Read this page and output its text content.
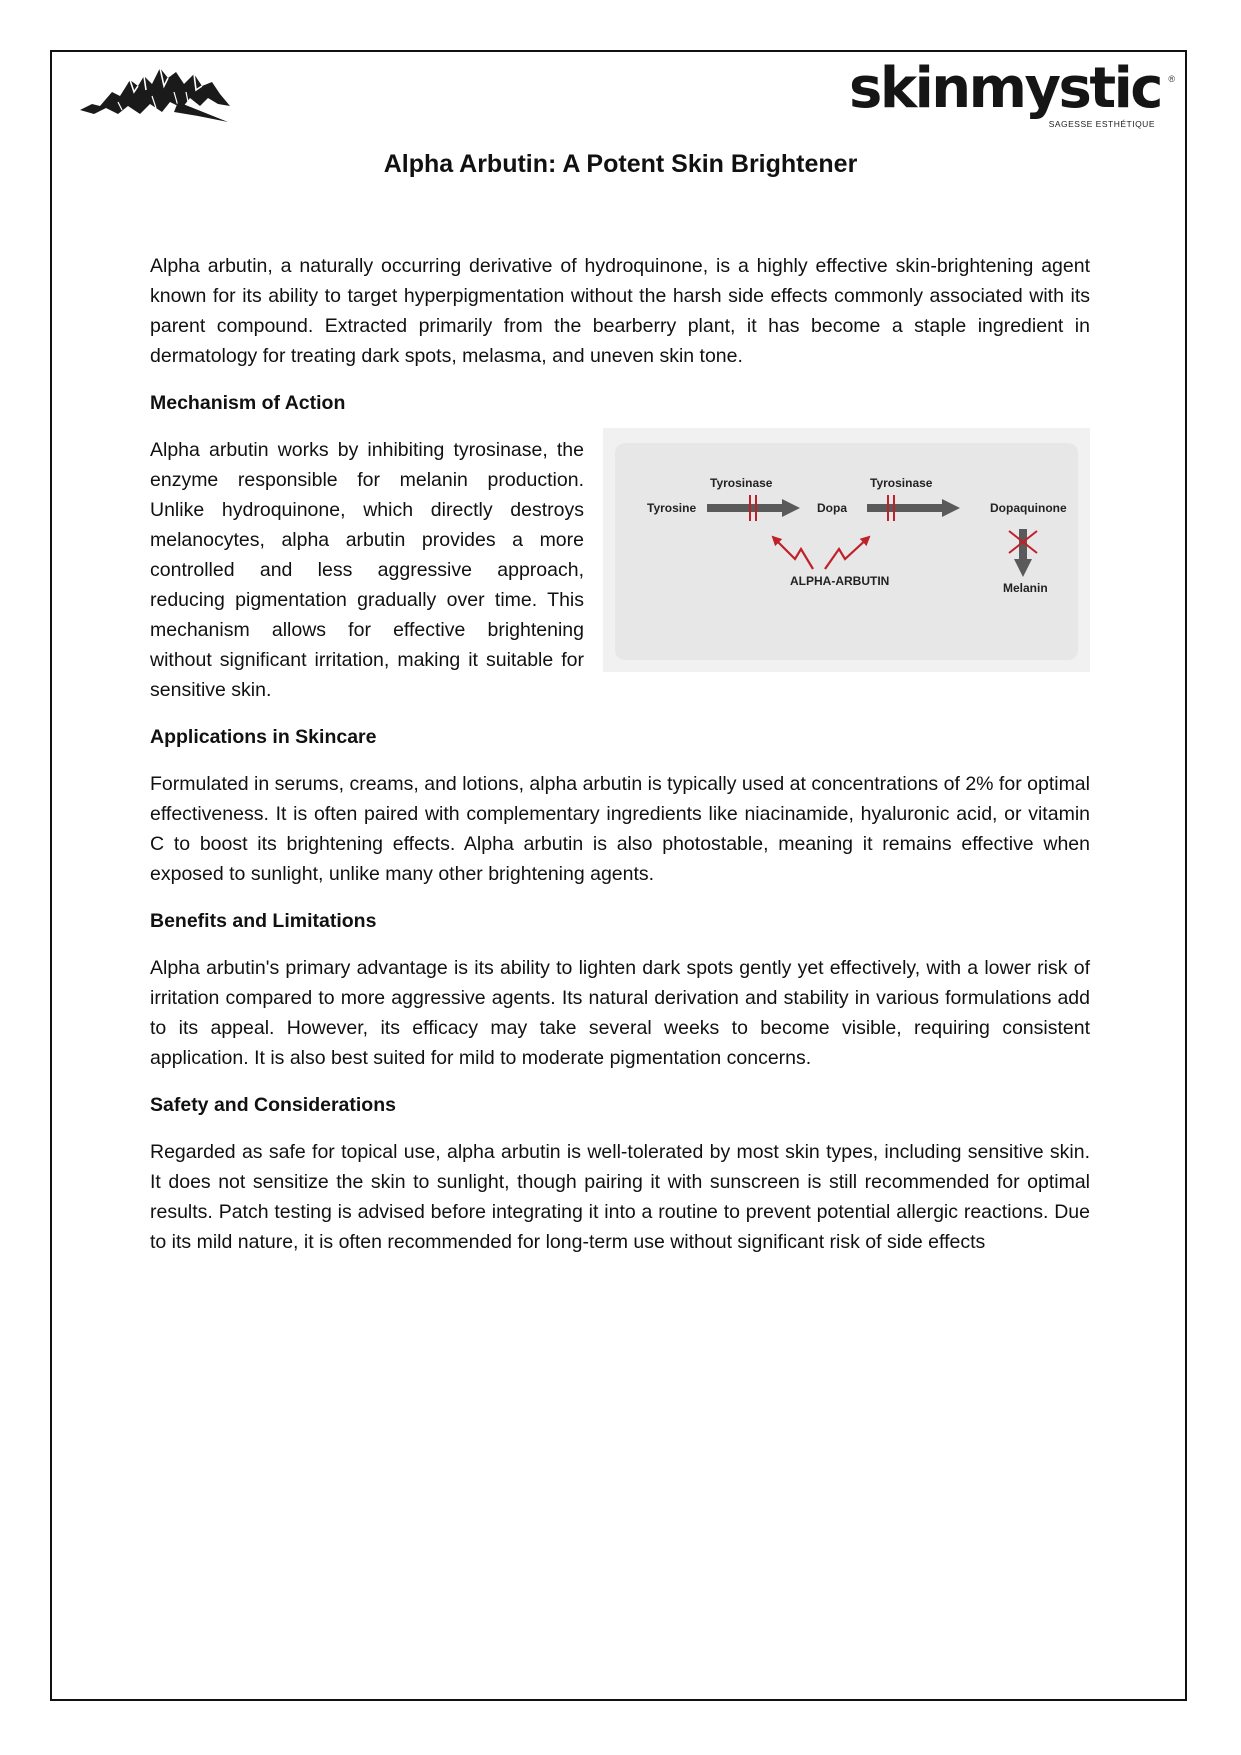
skinmystic ®
SAGESSE ESTHÉTIQUE
Alpha Arbutin: A Potent Skin Brightener

Alpha arbutin, a naturally occurring derivative of hydroquinone, is a highly effective skin-brightening agent known for its ability to target hyperpigmentation without the harsh side effects commonly associated with its parent compound. Extracted primarily from the bearberry plant, it has become a staple ingredient in dermatology for treating dark spots, melasma, and uneven skin tone.

Mechanism of Action

Alpha arbutin works by inhibiting tyrosinase, the enzyme responsible for melanin production. Unlike hydroquinone, which directly destroys melanocytes, alpha arbutin provides a more controlled and less aggressive approach, reducing pigmentation gradually over time. This mechanism allows for effective brightening without significant irritation, making it suitable for sensitive skin.

Tyrosine
Tyrosinase
Dopa
Tyrosinase
Dopaquinone
Melanin
ALPHA-ARBUTIN
Applications in Skincare

Formulated in serums, creams, and lotions, alpha arbutin is typically used at concentrations of 2% for optimal effectiveness. It is often paired with complementary ingredients like niacinamide, hyaluronic acid, or vitamin C to boost its brightening effects. Alpha arbutin is also photostable, meaning it remains effective when exposed to sunlight, unlike many other brightening agents.

Benefits and Limitations

Alpha arbutin's primary advantage is its ability to lighten dark spots gently yet effectively, with a lower risk of irritation compared to more aggressive agents. Its natural derivation and stability in various formulations add to its appeal. However, its efficacy may take several weeks to become visible, requiring consistent application. It is also best suited for mild to moderate pigmentation concerns.

Safety and Considerations

Regarded as safe for topical use, alpha arbutin is well-tolerated by most skin types, including sensitive skin. It does not sensitize the skin to sunlight, though pairing it with sunscreen is still recommended for optimal results. Patch testing is advised before integrating it into a routine to prevent potential allergic reactions. Due to its mild nature, it is often recommended for long-term use without significant risk of side effects
